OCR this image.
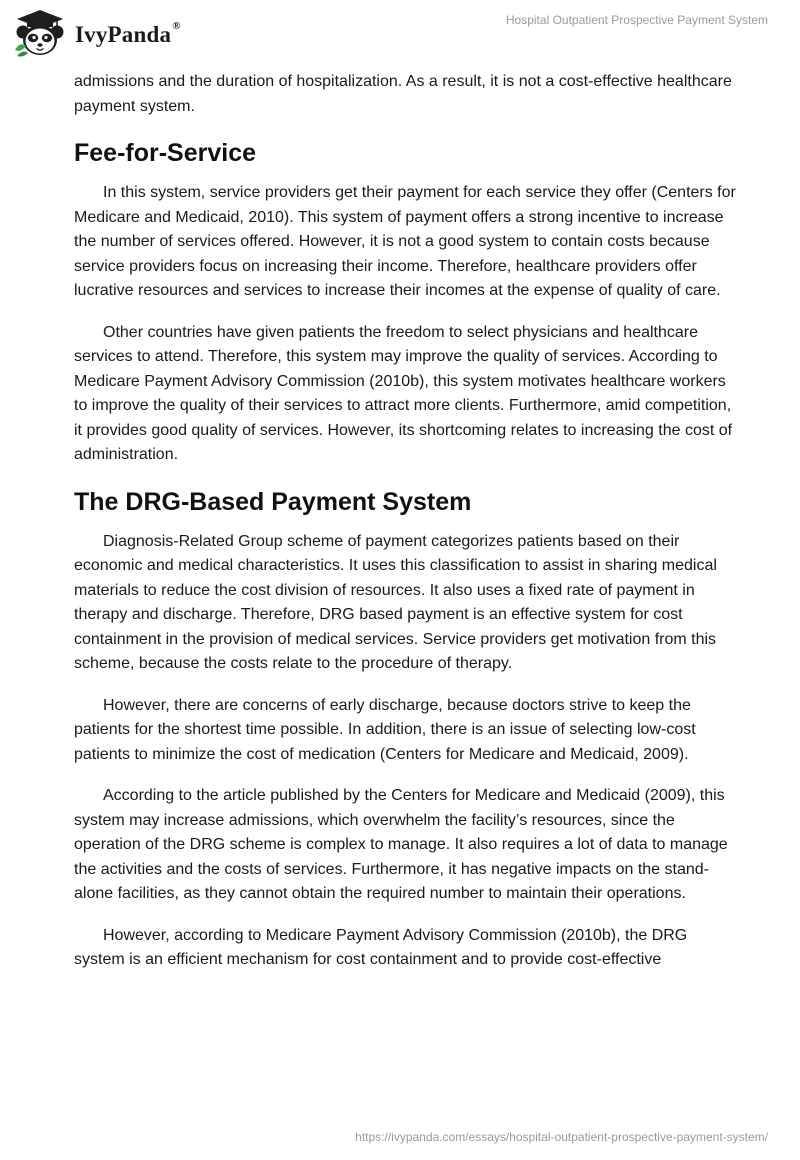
IvyPanda®	Hospital Outpatient Prospective Payment System

admissions and the duration of hospitalization. As a result, it is not a cost-effective healthcare payment system.

Fee-for-Service

In this system, service providers get their payment for each service they offer (Centers for Medicare and Medicaid, 2010). This system of payment offers a strong incentive to increase the number of services offered. However, it is not a good system to contain costs because service providers focus on increasing their income. Therefore, healthcare providers offer lucrative resources and services to increase their incomes at the expense of quality of care.

Other countries have given patients the freedom to select physicians and healthcare services to attend. Therefore, this system may improve the quality of services. According to Medicare Payment Advisory Commission (2010b), this system motivates healthcare workers to improve the quality of their services to attract more clients. Furthermore, amid competition, it provides good quality of services. However, its shortcoming relates to increasing the cost of administration.

The DRG-Based Payment System

Diagnosis-Related Group scheme of payment categorizes patients based on their economic and medical characteristics. It uses this classification to assist in sharing medical materials to reduce the cost division of resources. It also uses a fixed rate of payment in therapy and discharge. Therefore, DRG based payment is an effective system for cost containment in the provision of medical services. Service providers get motivation from this scheme, because the costs relate to the procedure of therapy.

However, there are concerns of early discharge, because doctors strive to keep the patients for the shortest time possible. In addition, there is an issue of selecting low-cost patients to minimize the cost of medication (Centers for Medicare and Medicaid, 2009).

According to the article published by the Centers for Medicare and Medicaid (2009), this system may increase admissions, which overwhelm the facility’s resources, since the operation of the DRG scheme is complex to manage. It also requires a lot of data to manage the activities and the costs of services. Furthermore, it has negative impacts on the stand-alone facilities, as they cannot obtain the required number to maintain their operations.

However, according to Medicare Payment Advisory Commission (2010b), the DRG system is an efficient mechanism for cost containment and to provide cost-effective

https://ivypanda.com/essays/hospital-outpatient-prospective-payment-system/
